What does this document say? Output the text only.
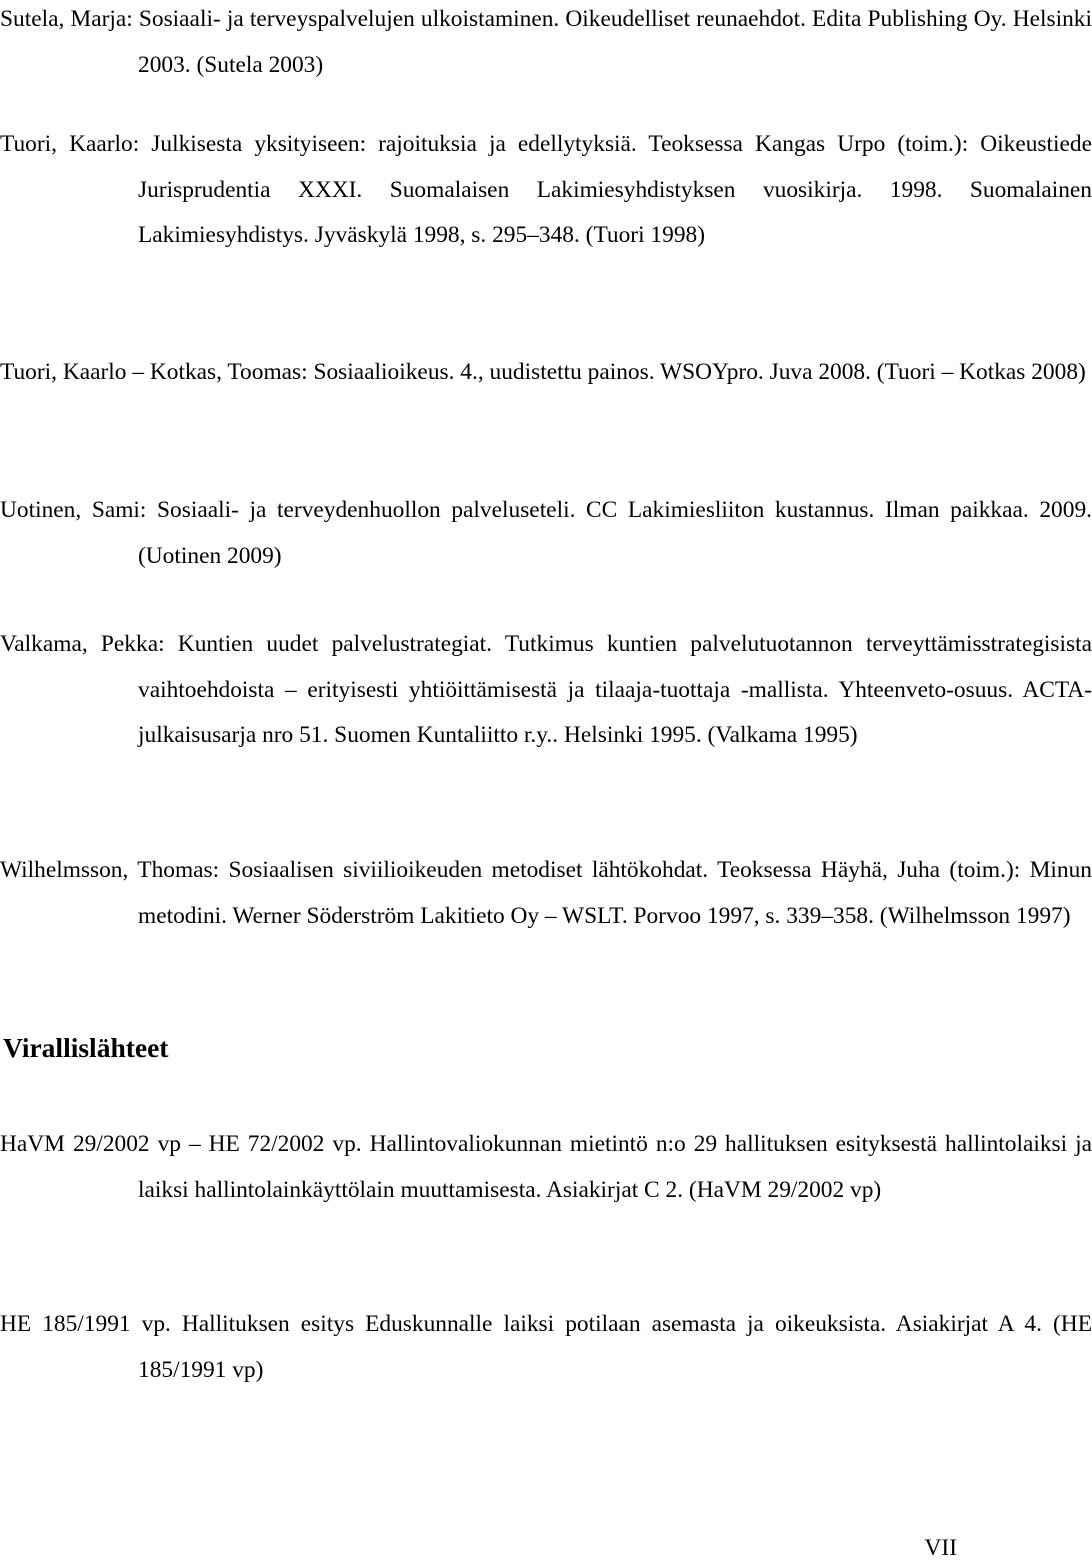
Sutela, Marja: Sosiaali- ja terveyspalvelujen ulkoistaminen. Oikeudelliset reunaehdot. Edita Publishing Oy. Helsinki 2003. (Sutela 2003)

Tuori, Kaarlo: Julkisesta yksityiseen: rajoituksia ja edellytyksiä. Teoksessa Kangas Urpo (toim.): Oikeustiede Jurisprudentia XXXI. Suomalaisen Lakimiesyhdistyksen vuosikirja. 1998. Suomalainen Lakimiesyhdistys. Jyväskylä 1998, s. 295–348. (Tuori 1998)

Tuori, Kaarlo – Kotkas, Toomas: Sosiaalioikeus. 4., uudistettu painos. WSOYpro. Juva 2008. (Tuori – Kotkas 2008)

Uotinen, Sami: Sosiaali- ja terveydenhuollon palveluseteli. CC Lakimiesliiton kustannus. Ilman paikkaa. 2009. (Uotinen 2009)

Valkama, Pekka: Kuntien uudet palvelustrategiat. Tutkimus kuntien palvelutuotannon terveyttämisstrategisista vaihtoehdoista – erityisesti yhtiöittämisestä ja tilaaja-tuottaja -mallista. Yhteenveto-osuus. ACTA-julkaisusarja nro 51. Suomen Kuntaliitto r.y.. Helsinki 1995. (Valkama 1995)

Wilhelmsson, Thomas: Sosiaalisen siviilioikeuden metodiset lähtökohdat. Teoksessa Häyhä, Juha (toim.): Minun metodini. Werner Söderström Lakitieto Oy – WSLT. Porvoo 1997, s. 339–358. (Wilhelmsson 1997)

Virallislähteet

HaVM 29/2002 vp – HE 72/2002 vp. Hallintovaliokunnan mietintö n:o 29 hallituksen esityksestä hallintolaiksi ja laiksi hallintolainkäyttölain muuttamisesta. Asiakirjat C 2. (HaVM 29/2002 vp)

HE 185/1991 vp. Hallituksen esitys Eduskunnalle laiksi potilaan asemasta ja oikeuksista. Asiakirjat A 4. (HE 185/1991 vp)

VII
